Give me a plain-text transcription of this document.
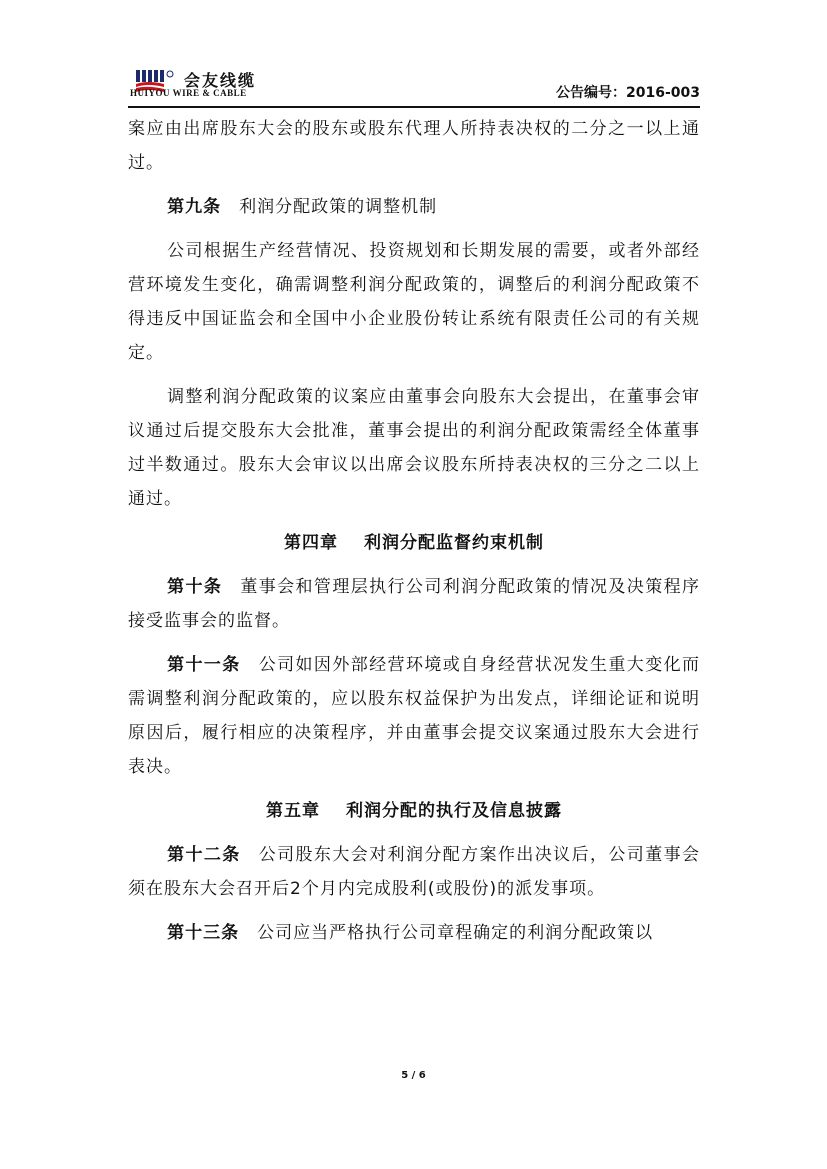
会友线缆
HUIYOU WIRE & CABLE	公告编号：2016-003

案应由出席股东大会的股东或股东代理人所持表决权的二分之一以上通过。

第九条 利润分配政策的调整机制

公司根据生产经营情况、投资规划和长期发展的需要，或者外部经营环境发生变化，确需调整利润分配政策的，调整后的利润分配政策不得违反中国证监会和全国中小企业股份转让系统有限责任公司的有关规定。

调整利润分配政策的议案应由董事会向股东大会提出，在董事会审议通过后提交股东大会批准，董事会提出的利润分配政策需经全体董事过半数通过。股东大会审议以出席会议股东所持表决权的三分之二以上通过。

第四章 利润分配监督约束机制

第十条 董事会和管理层执行公司利润分配政策的情况及决策程序接受监事会的监督。

第十一条 公司如因外部经营环境或自身经营状况发生重大变化而需调整利润分配政策的，应以股东权益保护为出发点，详细论证和说明原因后，履行相应的决策程序，并由董事会提交议案通过股东大会进行表决。

第五章 利润分配的执行及信息披露

第十二条 公司股东大会对利润分配方案作出决议后，公司董事会须在股东大会召开后2个月内完成股利(或股份)的派发事项。

第十三条 公司应当严格执行公司章程确定的利润分配政策以

5 / 6
